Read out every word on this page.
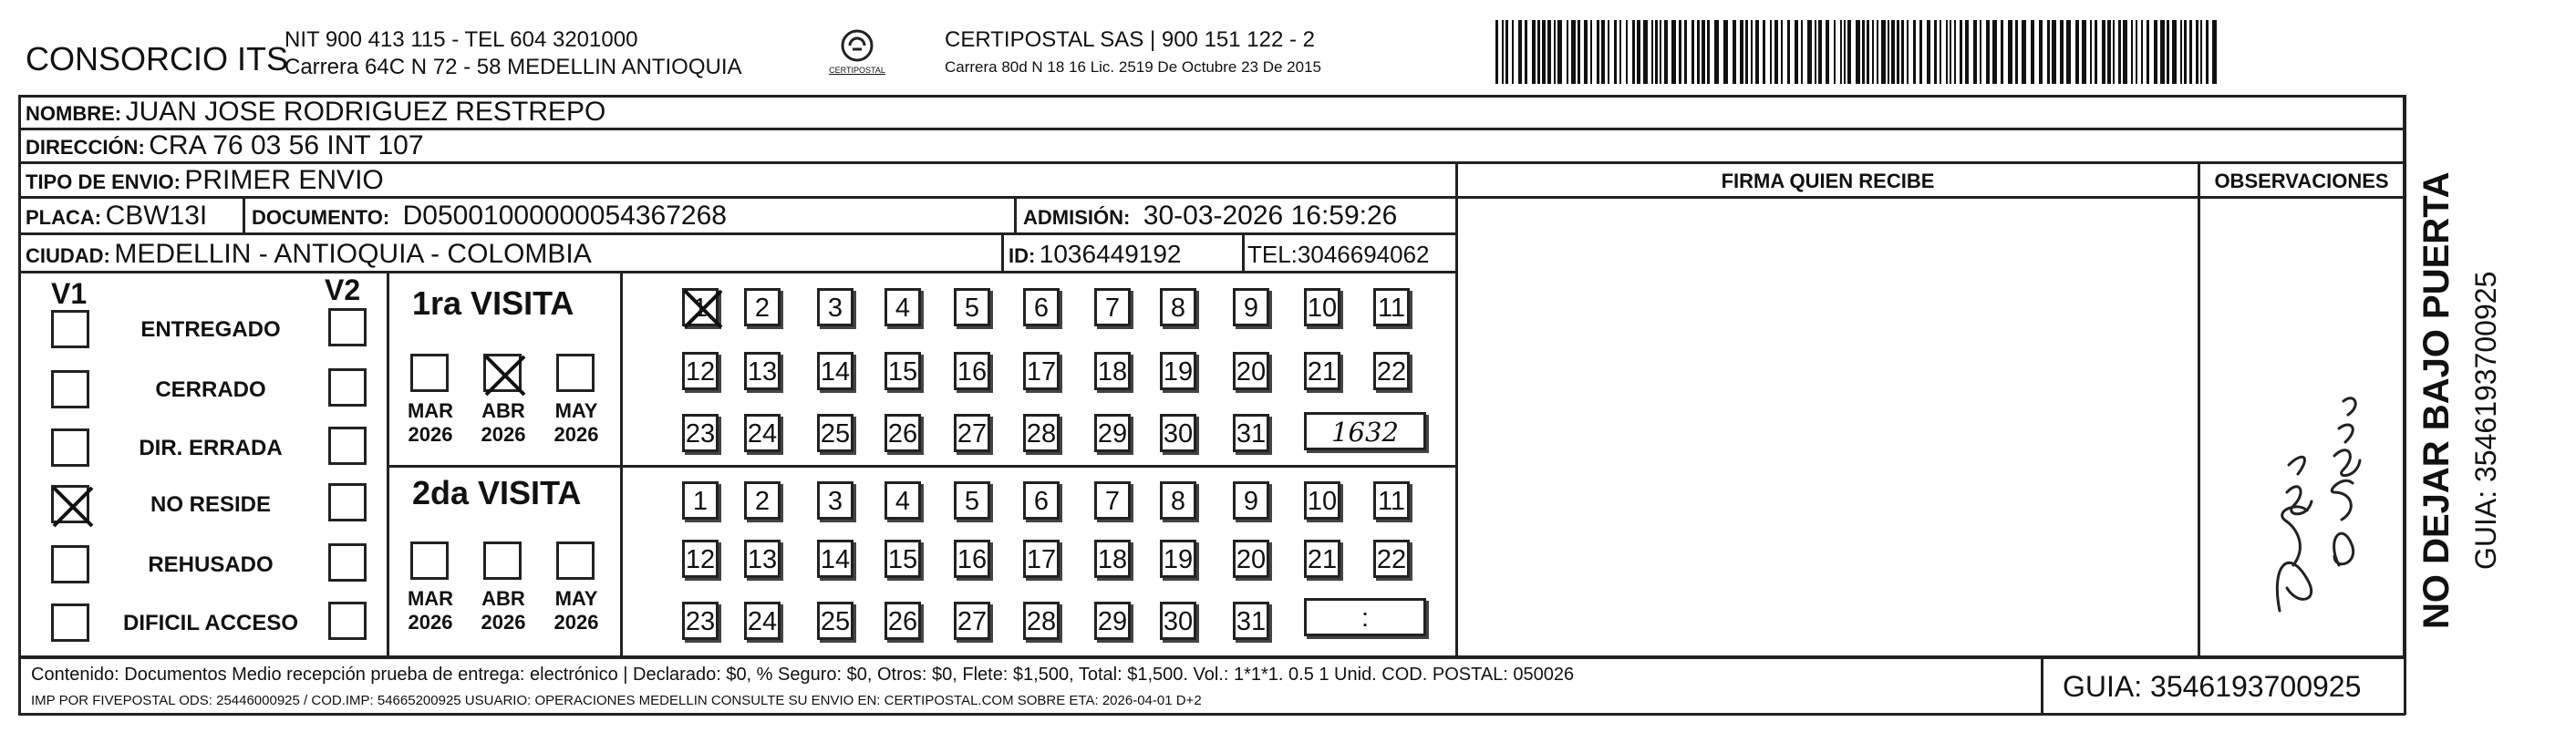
CONSORCIO ITS
NIT 900 413 115 - TEL 604 3201000
Carrera 64C N 72 - 58 MEDELLIN ANTIOQUIA	CERTIPOSTAL
CERTIPOSTAL SAS | 900 151 122 - 2
Carrera 80d N 18 16 Lic. 2519 De Octubre 23 De 2015
NOMBRE: JUAN JOSE RODRIGUEZ RESTREPO
DIRECCIÓN: CRA 76 03 56 INT 107
TIPO DE ENVIO: PRIMER ENVIO	FIRMA QUIEN RECIBE	OBSERVACIONES
PLACA: CBW13I DOCUMENTO: D05001000000054367268	ADMISIÓN: 30-03-2026 16:59:26
CIUDAD: MEDELLIN - ANTIOQUIA - COLOMBIA	ID: 1036449192	TEL:3046694062
V1	V2
ENTREGADO
CERRADO
DIR. ERRADA
NO RESIDE
REHUSADO
DIFICIL ACCESO
1ra VISITA
2da VISITA
MAR
2026
ABR
2026
MAY
2026
MAR
2026
ABR
2026
MAY
2026
1	2	3	4	5	6	7	8	9	10 11
12 13 14 15 16 17 18 19 20 21 22
23 24 25 26 27 28 29 30 31	1632
1	2	3	4	5	6	7	8	9	10 11
12 13 14 15 16 17 18 19 20 21 22
23 24 25 26 27 28 29 30 31	:	NO DEJAR BAJO PUERTA GUIA: 3546193700925
Contenido: Documentos Medio recepción prueba de entrega: electrónico | Declarado: $0, % Seguro: $0, Otros: $0, Flete: $1,500, Total: $1,500. Vol.: 1*1*1. 0.5 1 Unid. COD. POSTAL: 050026
IMP POR FIVEPOSTAL ODS: 25446000925 / COD.IMP: 54665200925 USUARIO: OPERACIONES MEDELLIN CONSULTE SU ENVIO EN: CERTIPOSTAL.COM SOBRE ETA: 2026-04-01 D+2	GUIA: 3546193700925
